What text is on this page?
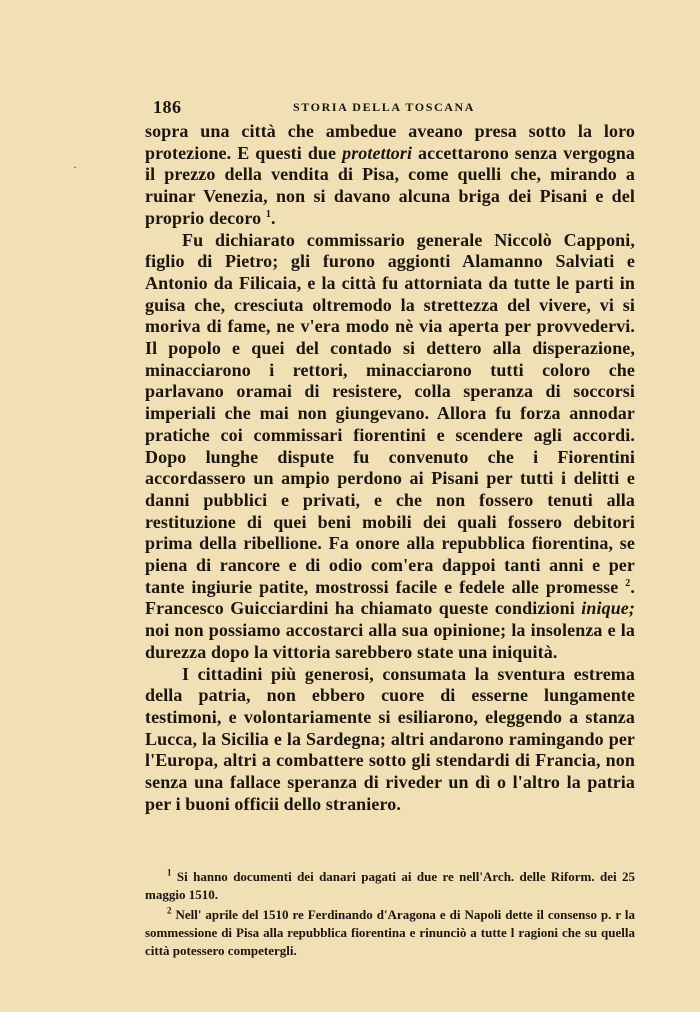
·
186	STORIA DELLA TOSCANA

sopra una città che ambedue aveano presa sotto la loro protezione. E questi due protettori accettarono senza vergogna il prezzo della vendita di Pisa, come quelli che, mirando a ruinar Venezia, non si davano alcuna briga dei Pisani e del proprio decoro $^1$.

Fu dichiarato commissario generale Niccolò Capponi, figlio di Pietro; gli furono aggionti Alamanno Salviati e Antonio da Filicaia, e la città fu attorniata da tutte le parti in guisa che, cresciuta oltremodo la strettezza del vivere, vi si moriva di fame, ne v'era modo nè via aperta per provvedervi. Il popolo e quei del contado si dettero alla disperazione, minacciarono i rettori, minacciarono tutti coloro che parlavano oramai di resistere, colla speranza di soccorsi imperiali che mai non giungevano. Allora fu forza annodar pratiche coi commissari fiorentini e scendere agli accordi. Dopo lunghe dispute fu convenuto che i Fiorentini accordassero un ampio perdono ai Pisani per tutti i delitti e danni pubblici e privati, e che non fossero tenuti alla restituzione di quei beni mobili dei quali fossero debitori prima della ribellione. Fa onore alla repubblica fiorentina, se piena di rancore e di odio com'era dappoi tanti anni e per tante ingiurie patite, mostrossi facile e fedele alle promesse $^2$. Francesco Guicciardini ha chiamato queste condizioni inique; noi non possiamo accostarci alla sua opinione; la insolenza e la durezza dopo la vittoria sarebbero state una iniquità.

I cittadini più generosi, consumata la sventura estrema della patria, non ebbero cuore di esserne lungamente testimoni, e volontariamente si esiliarono, eleggendo a stanza Lucca, la Sicilia e la Sardegna; altri andarono ramingando per l'Europa, altri a combattere sotto gli stendardi di Francia, non senza una fallace speranza di riveder un dì o l'altro la patria per i buoni officii dello straniero.

$^1$ Si hanno documenti dei danari pagati ai due re nell'Arch. delle Riform. dei 25 maggio 1510.

$^2$ Nell' aprile del 1510 re Ferdinando d'Aragona e di Napoli dette il consenso p. r la sommessione di Pisa alla repubblica fiorentina e rinunciò a tutte l ragioni che su quella città potessero competergli.
